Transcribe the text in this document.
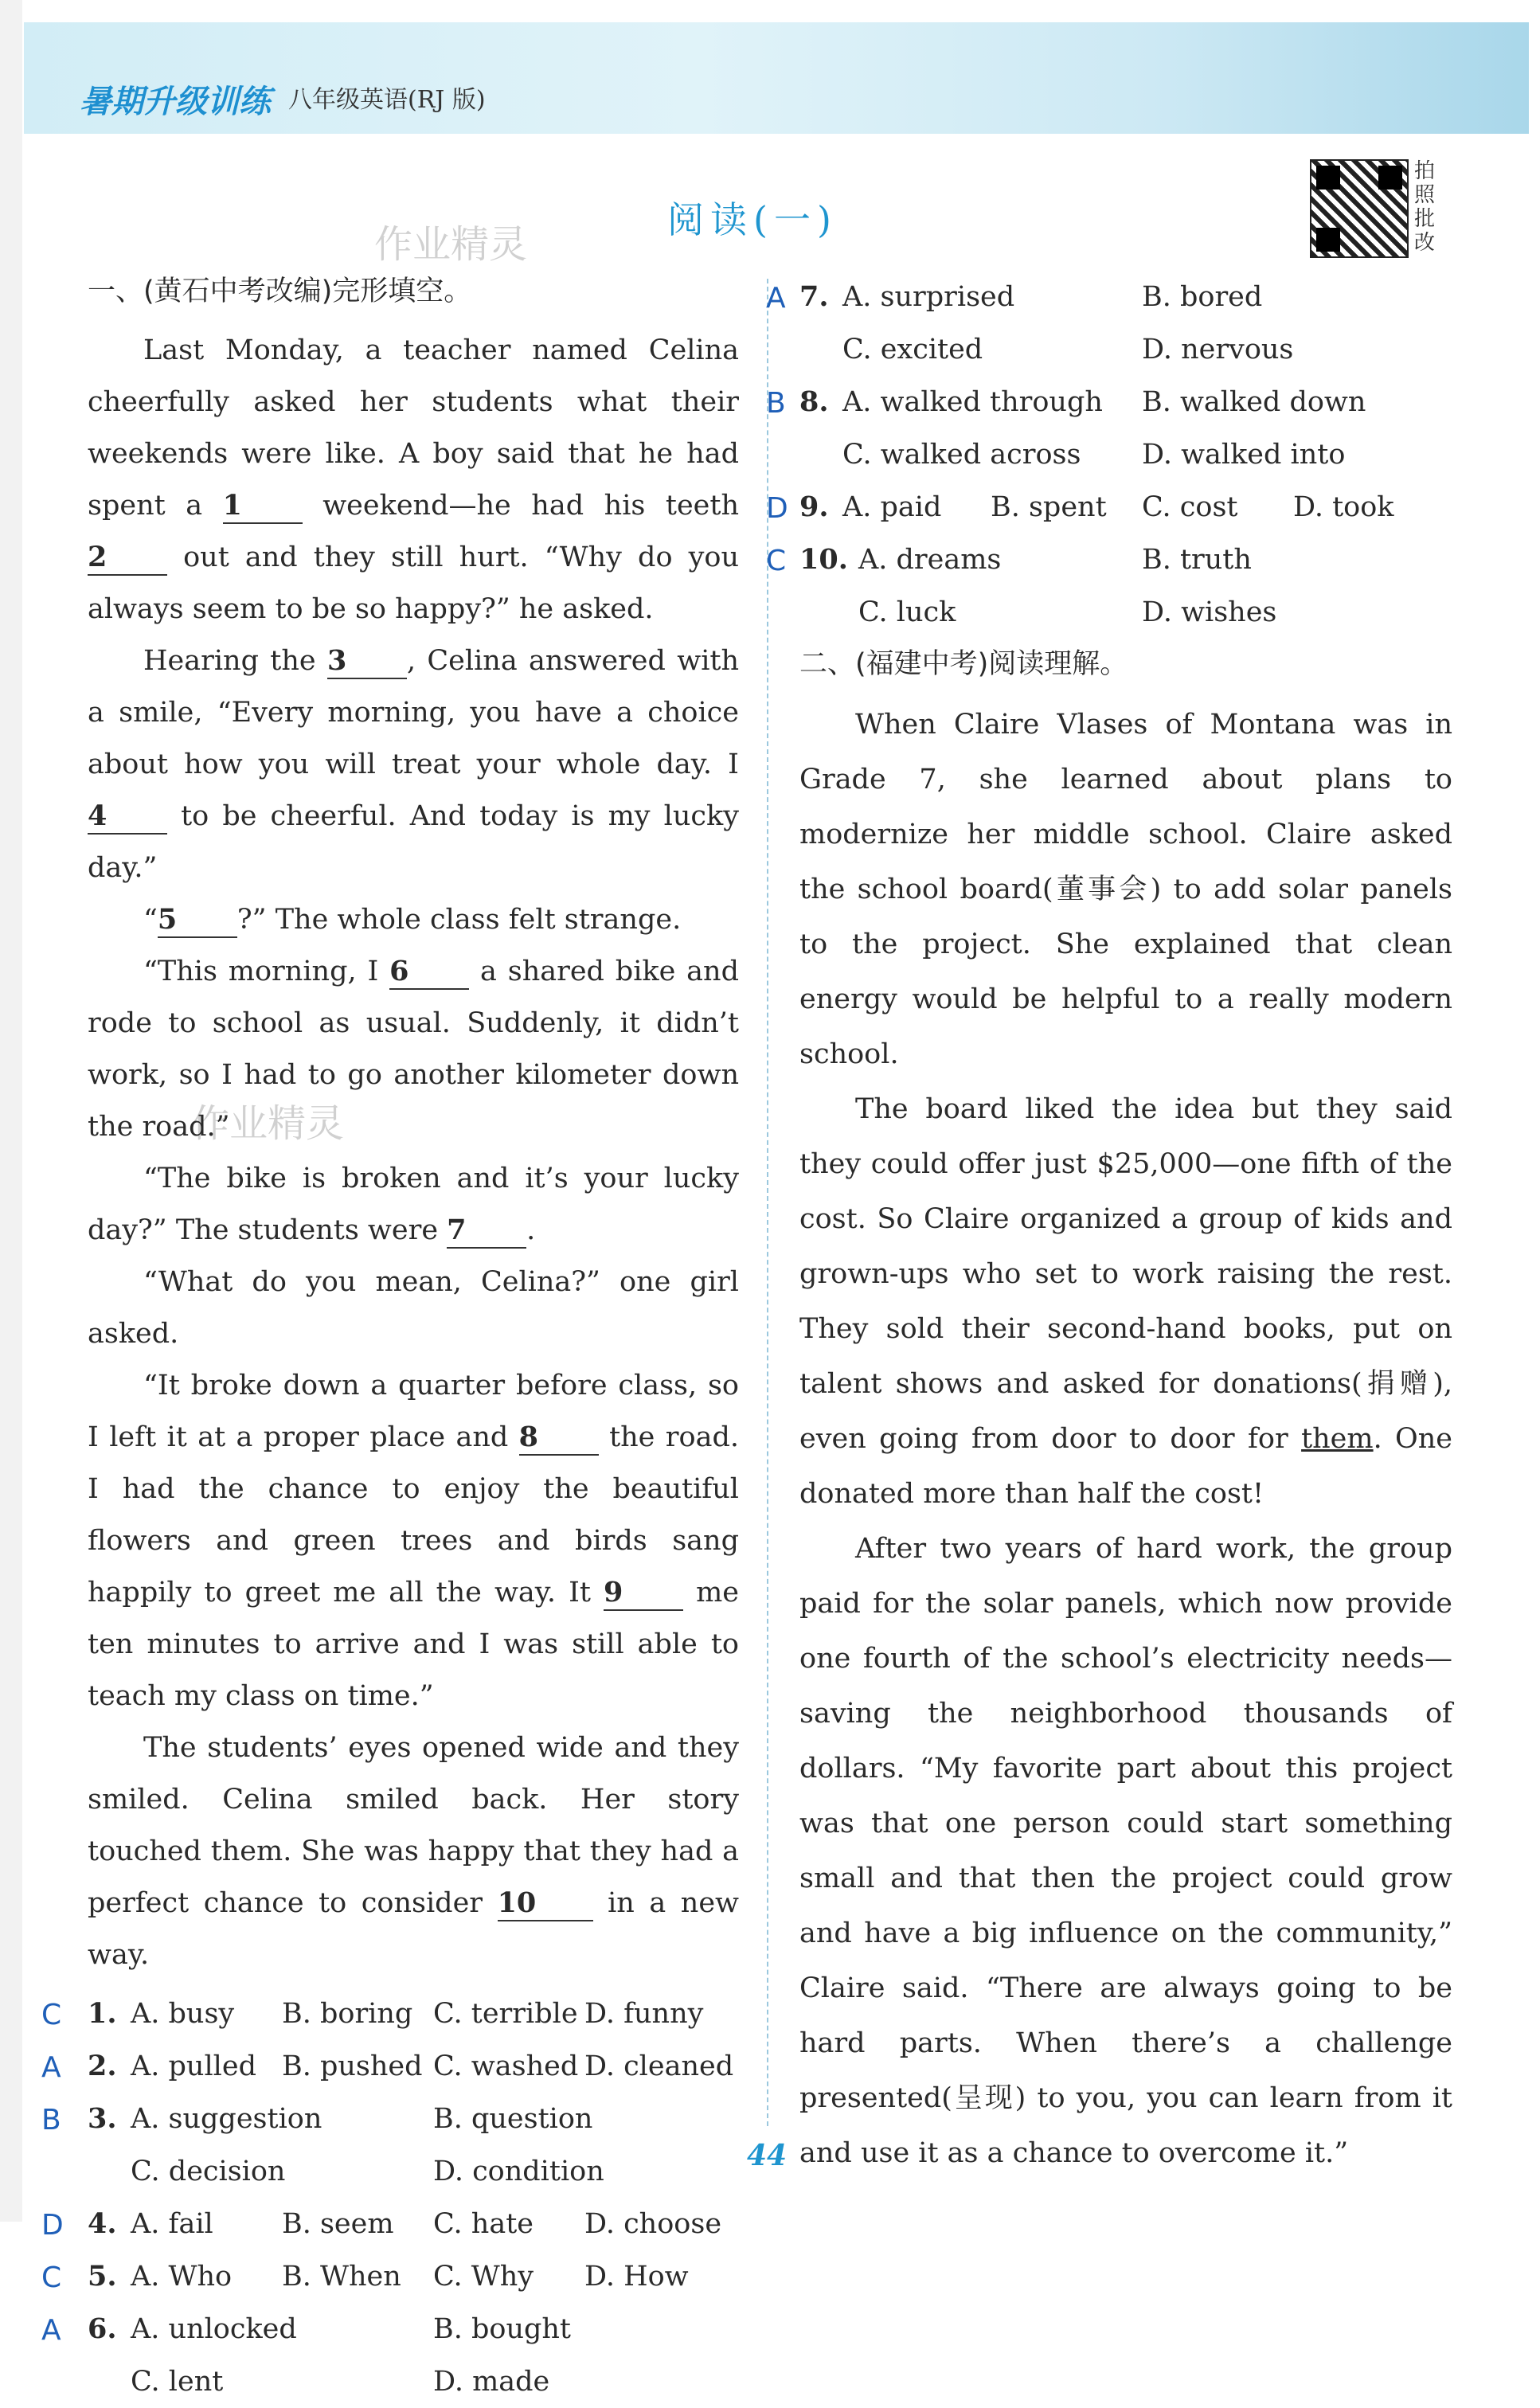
暑期升级训练 八年级英语(RJ 版)
阅读(一)
作业精灵
作业精灵
拍照批改
一、(黄石中考改编)完形填空。

Last Monday, a teacher named Celina cheerfully asked her students what their weekends were like. A boy said that he had spent a 1 weekend—he had his teeth 2 out and they still hurt. “Why do you always seem to be so happy?” he asked.

Hearing the 3 , Celina answered with a smile, “Every morning, you have a choice about how you will treat your whole day. I 4 to be cheerful. And today is my lucky day.”

“5 ?” The whole class felt strange.

“This morning, I 6 a shared bike and rode to school as usual. Suddenly, it didn’t work, so I had to go another kilometer down the road.”

“The bike is broken and it’s your lucky day?” The students were 7 .

“What do you mean, Celina?” one girl asked.

“It broke down a quarter before class, so I left it at a proper place and 8 the road. I had the chance to enjoy the beautiful flowers and green trees and birds sang happily to greet me all the way. It 9 me ten minutes to arrive and I was still able to teach my class on time.”

The students’ eyes opened wide and they smiled. Celina smiled back. Her story touched them. She was happy that they had a perfect chance to consider 10 in a new way.

C 1. A. busy B. boring C. terrible D. funny
A 2. A. pulled B. pushed C. washed D. cleaned
B 3. A. suggestion	B. question
C. decision	D. condition
D 4. A. fail B. seem C. hate D. choose
C 5. A. Who B. When C. Why D. How
A 6. A. unlocked	B. bought
C. lent	D. made
A 7. A. surprised	B. bored
C. excited	D. nervous
B 8. A. walked through B. walked down
C. walked across D. walked into
D 9. A. paid B. spent C. cost D. took
C 10. A. dreams	B. truth
C. luck	D. wishes
二、(福建中考)阅读理解。

When Claire Vlases of Montana was in Grade 7, she learned about plans to modernize her middle school. Claire asked the school board(董事会) to add solar panels to the project. She explained that clean energy would be helpful to a really modern school.

The board liked the idea but they said they could offer just $25,000—one fifth of the cost. So Claire organized a group of kids and grown-ups who set to work raising the rest. They sold their second-hand books, put on talent shows and asked for donations(捐赠), even going from door to door for them. One donated more than half the cost!

After two years of hard work, the group paid for the solar panels, which now provide one fourth of the school’s electricity needs—saving the neighborhood thousands of dollars. “My favorite part about this project was that one person could start something small and that then the project could grow and have a big influence on the community,” Claire said. “There are always going to be hard parts. When there’s a challenge presented(呈现) to you, you can learn from it and use it as a chance to overcome it.”

44
